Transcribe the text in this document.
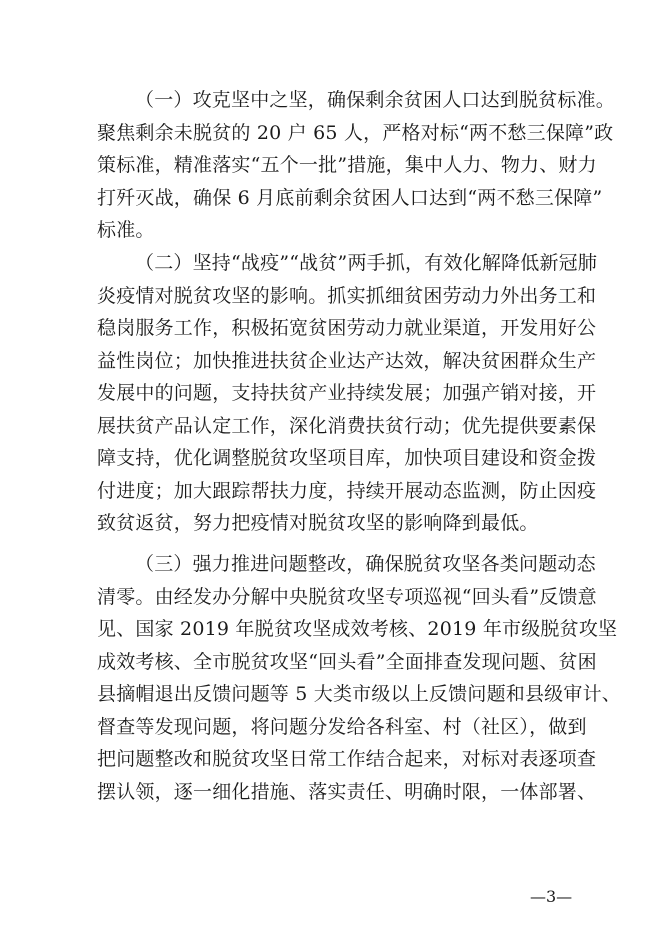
（一）攻克坚中之坚，确保剩余贫困人口达到脱贫标准。
聚焦剩余未脱贫的 20 户 65 人，严格对标“两不愁三保障”政
策标准，精准落实“五个一批”措施，集中人力、物力、财力
打歼灭战，确保 6 月底前剩余贫困人口达到“两不愁三保障”
标准。
（二）坚持“战疫”“战贫”两手抓，有效化解降低新冠肺
炎疫情对脱贫攻坚的影响。抓实抓细贫困劳动力外出务工和
稳岗服务工作，积极拓宽贫困劳动力就业渠道，开发用好公
益性岗位；加快推进扶贫企业达产达效，解决贫困群众生产
发展中的问题，支持扶贫产业持续发展；加强产销对接，开
展扶贫产品认定工作，深化消费扶贫行动；优先提供要素保
障支持，优化调整脱贫攻坚项目库，加快项目建设和资金拨
付进度；加大跟踪帮扶力度，持续开展动态监测，防止因疫
致贫返贫，努力把疫情对脱贫攻坚的影响降到最低。
（三）强力推进问题整改，确保脱贫攻坚各类问题动态
清零。由经发办分解中央脱贫攻坚专项巡视“回头看”反馈意
见、国家 2019 年脱贫攻坚成效考核、2019 年市级脱贫攻坚
成效考核、全市脱贫攻坚“回头看”全面排查发现问题、贫困
县摘帽退出反馈问题等 5 大类市级以上反馈问题和县级审计、
督查等发现问题，将问题分发给各科室、村（社区），做到
把问题整改和脱贫攻坚日常工作结合起来，对标对表逐项查
摆认领，逐一细化措施、落实责任、明确时限，一体部署、
—3—
